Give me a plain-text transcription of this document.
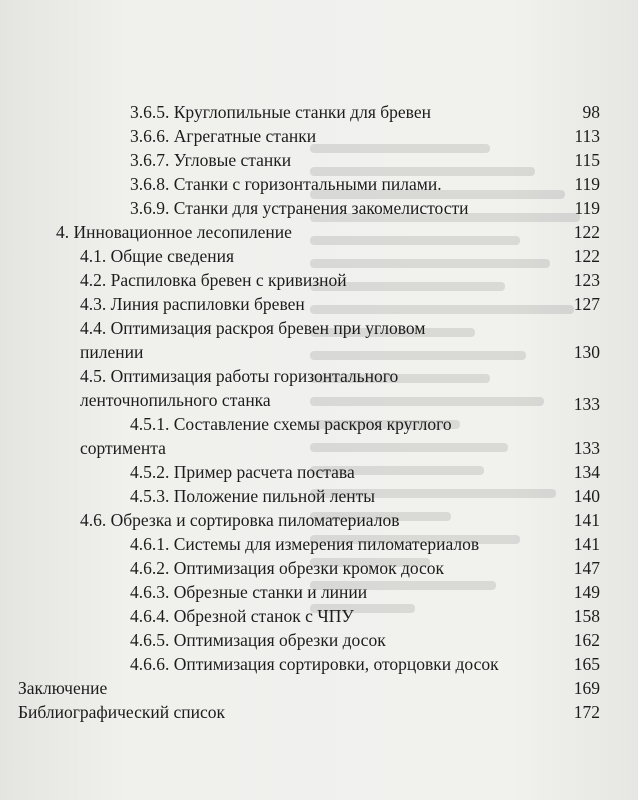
3.6.5. Круглопильные станки для бревен	98
3.6.6. Агрегатные станки	113
3.6.7. Угловые станки	115
3.6.8. Станки с горизонтальными пилами.	119
3.6.9. Станки для устранения закомелистости	119
4. Инновационное лесопиление	122
4.1. Общие сведения	122
4.2. Распиловка бревен с кривизной	123
4.3. Линия распиловки бревен	127
4.4. Оптимизация раскроя бревен при угловом
пилении	130
4.5. Оптимизация работы горизонтального
ленточнопильного станка	133
4.5.1. Составление схемы раскроя круглого
сортимента	133
4.5.2. Пример расчета постава	134
4.5.3. Положение пильной ленты	140
4.6. Обрезка и сортировка пиломатериалов	141
4.6.1. Системы для измерения пиломатериалов	141
4.6.2. Оптимизация обрезки кромок досок	147
4.6.3. Обрезные станки и линии	149
4.6.4. Обрезной станок с ЧПУ	158
4.6.5. Оптимизация обрезки досок	162
4.6.6. Оптимизация сортировки, оторцовки досок	165
Заключение	169
Библиографический список	172
